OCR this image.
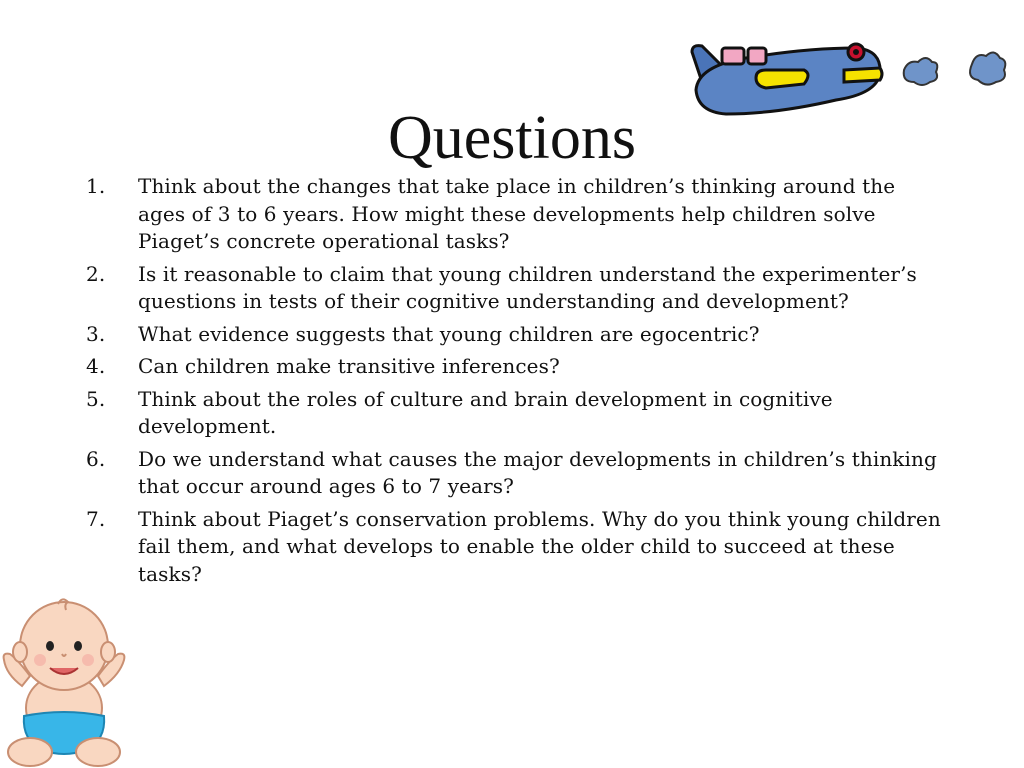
Questions
1. Think about the changes that take place in children’s thinking around the ages of 3 to 6 years. How might these developments help children solve Piaget’s concrete operational tasks?
2. Is it reasonable to claim that young children understand the experimenter’s questions in tests of their cognitive understanding and development?
3. What evidence suggests that young children are egocentric?
4. Can children make transitive inferences?
5. Think about the roles of culture and brain development in cognitive development.
6. Do we understand what causes the major developments in children’s thinking that occur around ages 6 to 7 years?
7. Think about Piaget’s conservation problems. Why do you think young children fail them, and what develops to enable the older child to succeed at these tasks?
